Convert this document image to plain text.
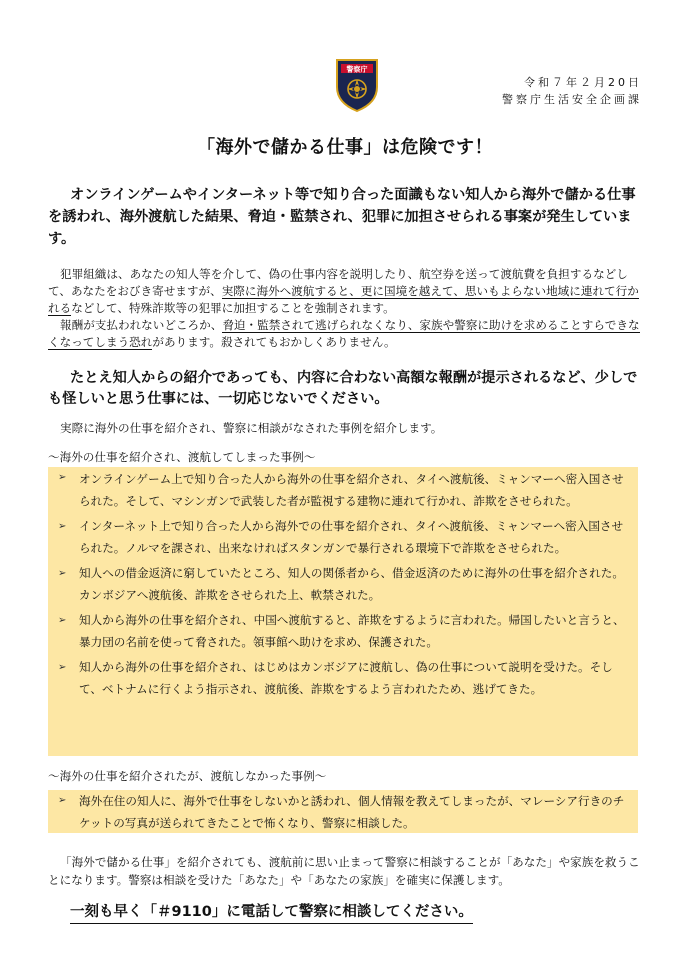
警察庁
令和７年２月20日
警察庁生活安全企画課
「海外で儲かる仕事」は危険です！
オンラインゲームやインターネット等で知り合った面識もない知人から海外で儲かる仕事を誘われ、海外渡航した結果、脅迫・監禁され、犯罪に加担させられる事案が発生しています。
犯罪組織は、あなたの知人等を介して、偽の仕事内容を説明したり、航空券を送って渡航費を負担するなどして、あなたをおびき寄せますが、実際に海外へ渡航すると、更に国境を越えて、思いもよらない地域に連れて行かれるなどして、特殊詐欺等の犯罪に加担することを強制されます。
報酬が支払われないどころか、脅迫・監禁されて逃げられなくなり、家族や警察に助けを求めることすらできなくなってしまう恐れがあります。殺されてもおかしくありません。
たとえ知人からの紹介であっても、内容に合わない高額な報酬が提示されるなど、少しでも怪しいと思う仕事には、一切応じないでください。
実際に海外の仕事を紹介され、警察に相談がなされた事例を紹介します。
～海外の仕事を紹介され、渡航してしまった事例～
➢ オンラインゲーム上で知り合った人から海外の仕事を紹介され、タイへ渡航後、ミャンマーへ密入国させられた。そして、マシンガンで武装した者が監視する建物に連れて行かれ、詐欺をさせられた。
➢ インターネット上で知り合った人から海外での仕事を紹介され、タイへ渡航後、ミャンマーへ密入国させられた。ノルマを課され、出来なければスタンガンで暴行される環境下で詐欺をさせられた。
➢ 知人への借金返済に窮していたところ、知人の関係者から、借金返済のために海外の仕事を紹介された。カンボジアへ渡航後、詐欺をさせられた上、軟禁された。
➢ 知人から海外の仕事を紹介され、中国へ渡航すると、詐欺をするように言われた。帰国したいと言うと、暴力団の名前を使って脅された。領事館へ助けを求め、保護された。
➢ 知人から海外の仕事を紹介され、はじめはカンボジアに渡航し、偽の仕事について説明を受けた。そして、ベトナムに行くよう指示され、渡航後、詐欺をするよう言われたため、逃げてきた。
～海外の仕事を紹介されたが、渡航しなかった事例～
➢ 海外在住の知人に、海外で仕事をしないかと誘われ、個人情報を教えてしまったが、マレーシア行きのチケットの写真が送られてきたことで怖くなり、警察に相談した。
「海外で儲かる仕事」を紹介されても、渡航前に思い止まって警察に相談することが「あなた」や家族を救うことになります。警察は相談を受けた「あなた」や「あなたの家族」を確実に保護します。
一刻も早く「＃9110」に電話して警察に相談してください。
